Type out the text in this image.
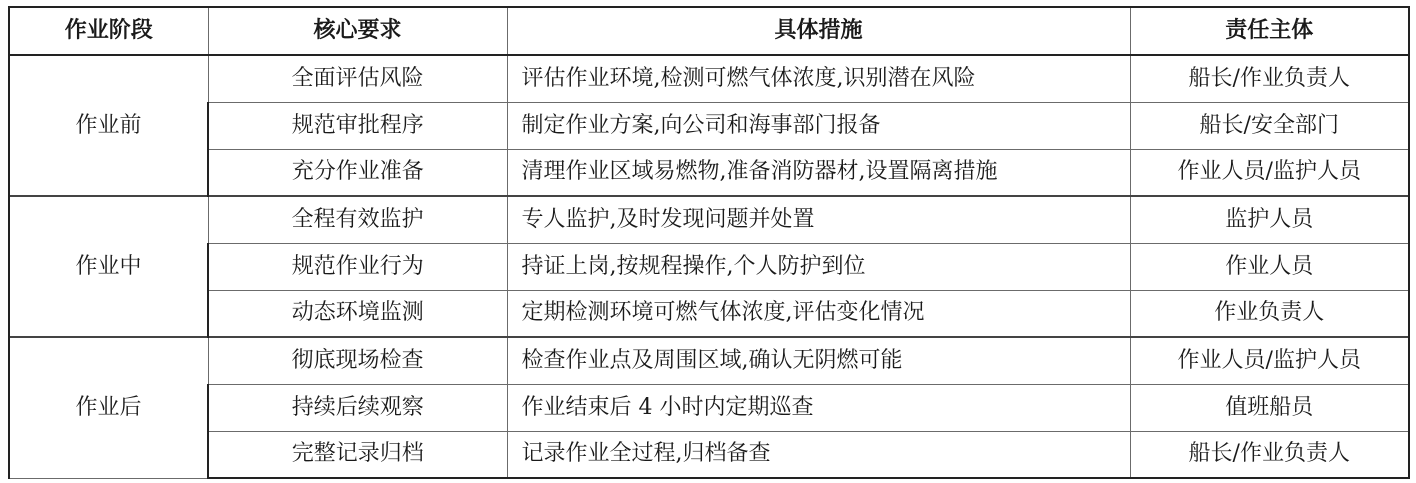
作业阶段	核心要求	具体措施	责任主体
作业前	全面评估风险	评估作业环境,检测可燃气体浓度,识别潜在风险	船长/作业负责人
	规范审批程序	制定作业方案,向公司和海事部门报备	船长/安全部门
	充分作业准备	清理作业区域易燃物,准备消防器材,设置隔离措施	作业人员/监护人员
作业中	全程有效监护	专人监护,及时发现问题并处置	监护人员
	规范作业行为	持证上岗,按规程操作,个人防护到位	作业人员
	动态环境监测	定期检测环境可燃气体浓度,评估变化情况	作业负责人
作业后	彻底现场检查	检查作业点及周围区域,确认无阴燃可能	作业人员/监护人员
	持续后续观察	作业结束后 4 小时内定期巡查	值班船员
	完整记录归档	记录作业全过程,归档备查	船长/作业负责人
